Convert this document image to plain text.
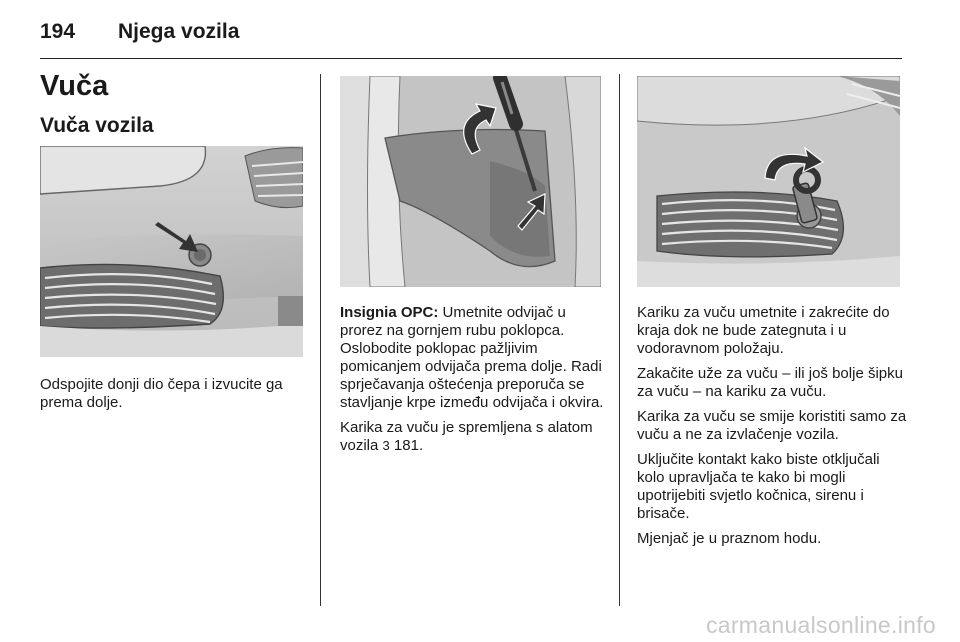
194 Njega vozila
Vuča
Vuča vozila

Odspojite donji dio čepa i izvucite ga prema dolje.

Insignia OPC: Umetnite odvijač u prorez na gornjem rubu poklopca. Oslobodite poklopac pažljivim pomicanjem odvijača prema dolje. Radi sprječavanja oštećenja preporuča se stavljanje krpe između odvijača i okvira.

Karika za vuču je spremljena s alatom vozila 3 181.

Kariku za vuču umetnite i zakrećite do kraja dok ne bude zategnuta i u vodoravnom položaju.

Zakačite uže za vuču – ili još bolje šipku za vuču – na kariku za vuču.

Karika za vuču se smije koristiti samo za vuču a ne za izvlačenje vozila.

Uključite kontakt kako biste otključali kolo upravljača te kako bi mogli upotrijebiti svjetlo kočnica, sirenu i brisače.

Mjenjač je u praznom hodu.

carmanualsonline.info
